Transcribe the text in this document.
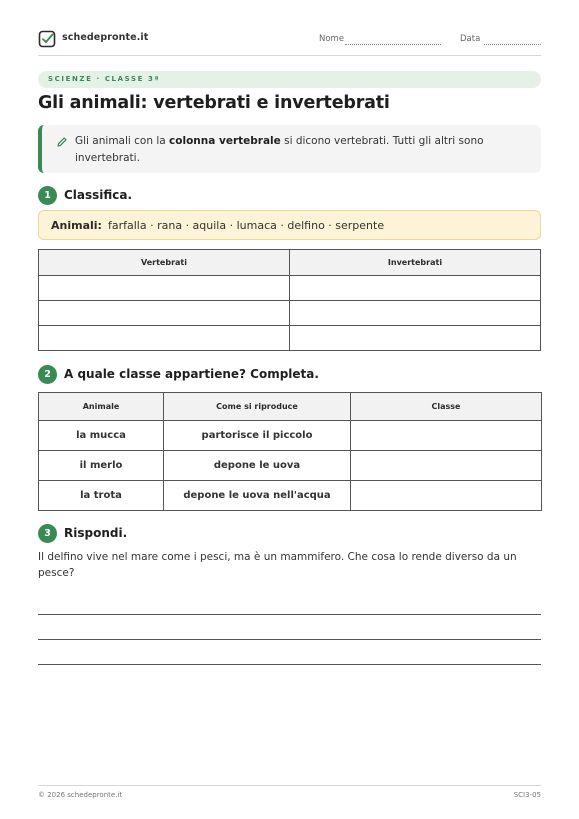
schedepronte.it	Nome	Data
SCIENZE · CLASSE 3ª
Gli animali: vertebrati e invertebrati
Gli animali con la colonna vertebrale si dicono vertebrati. Tutti gli altri sono invertebrati.
1	Classifica.
Animali: farfalla · rana · aquila · lumaca · delfino · serpente
Vertebrati	Invertebrati

2	A quale classe appartiene? Completa.
Animale	Come si riproduce	Classe
la mucca	partorisce il piccolo	
il merlo	depone le uova	
la trota	depone le uova nell'acqua	
3	Rispondi.
Il delfino vive nel mare come i pesci, ma è un mammifero. Che cosa lo rende diverso da un pesce?
© 2026 schedepronte.it	SCI3-05
